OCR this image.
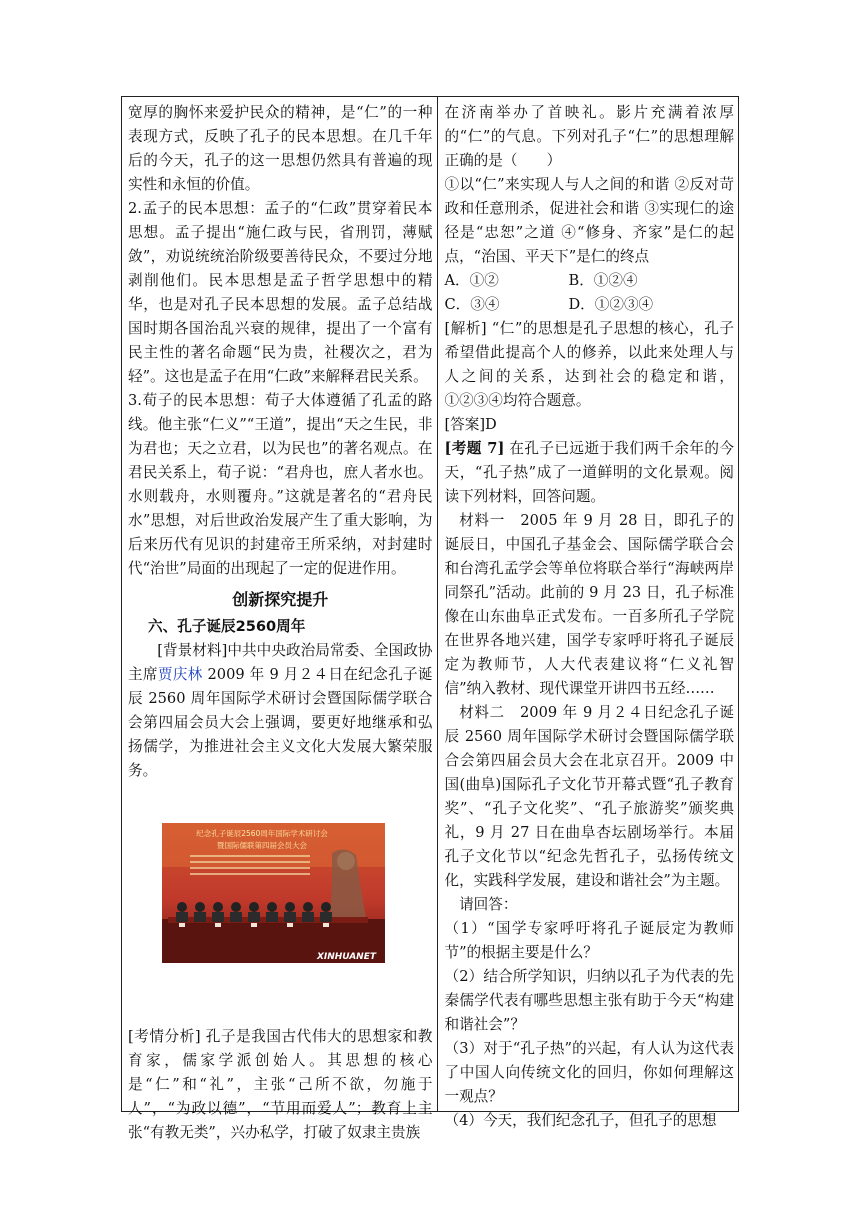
宽厚的胸怀来爱护民众的精神，是“仁”的一种表现方式，反映了孔子的民本思想。在几千年后的今天，孔子的这一思想仍然具有普遍的现实性和永恒的价值。

2.孟子的民本思想：孟子的“仁政”贯穿着民本思想。孟子提出“施仁政与民，省刑罚，薄赋敛”，劝说统统治阶级要善待民众，不要过分地剥削他们。民本思想是孟子哲学思想中的精华，也是对孔子民本思想的发展。孟子总结战国时期各国治乱兴衰的规律，提出了一个富有民主性的著名命题“民为贵，社稷次之，君为轻”。这也是孟子在用“仁政”来解释君民关系。

3.荀子的民本思想：荀子大体遵循了孔孟的路线。他主张“仁义”“王道”，提出“天之生民，非为君也；天之立君，以为民也”的著名观点。在君民关系上，荀子说：“君舟也，庶人者水也。水则载舟，水则覆舟。”这就是著名的“君舟民水”思想，对后世政治发展产生了重大影响，为后来历代有见识的封建帝王所采纳，对封建时代“治世”局面的出现起了一定的促进作用。

创新探究提升
六、孔子诞辰2560周年

[背景材料]中共中央政治局常委、全国政协主席贾庆林 2009 年 9 月２４日在纪念孔子诞辰 2560 周年国际学术研讨会暨国际儒学联合会第四届会员大会上强调，要更好地继承和弘扬儒学，为推进社会主义文化大发展大繁荣服务。

纪念孔子诞辰2560周年国际学术研讨会
暨国际儒联第四届会员大会
XINHUANET

[考情分析] 孔子是我国古代伟大的思想家和教育家，儒家学派创始人。其思想的核心是“仁”和“礼”，主张“己所不欲，勿施于人”，“为政以德”，“节用而爱人”；教育上主张“有教无类”，兴办私学，打破了奴隶主贵族

在济南举办了首映礼。影片充满着浓厚的“仁”的气息。下列对孔子“仁”的思想理解正确的是（　　）

①以“仁”来实现人与人之间的和谐 ②反对苛政和任意刑杀，促进社会和谐 ③实现仁的途径是“忠恕”之道 ④“修身、齐家”是仁的起点，“治国、平天下”是仁的终点

A．①②	B．①②④
C．③④	D．①②③④

[解析] “仁”的思想是孔子思想的核心，孔子希望借此提高个人的修养，以此来处理人与人之间的关系，达到社会的稳定和谐，①②③④均符合题意。

[答案]D

[考题 7] 在孔子已远逝于我们两千余年的今天，“孔子热”成了一道鲜明的文化景观。阅读下列材料，回答问题。

材料一　2005 年 9 月 28 日，即孔子的诞辰日，中国孔子基金会、国际儒学联合会和台湾孔孟学会等单位将联合举行“海峡两岸同祭孔”活动。此前的 9 月 23 日，孔子标准像在山东曲阜正式发布。一百多所孔子学院在世界各地兴建，国学专家呼吁将孔子诞辰定为教师节，人大代表建议将“仁义礼智信”纳入教材、现代课堂开讲四书五经……

材料二　2009 年 9 月２４日纪念孔子诞辰 2560 周年国际学术研讨会暨国际儒学联合会第四届会员大会在北京召开。2009 中国(曲阜)国际孔子文化节开幕式暨“孔子教育奖”、“孔子文化奖”、“孔子旅游奖”颁奖典礼，9 月 27 日在曲阜杏坛剧场举行。本届孔子文化节以“纪念先哲孔子，弘扬传统文化，实践科学发展，建设和谐社会”为主题。

请回答：

（1）“国学专家呼吁将孔子诞辰定为教师节”的根据主要是什么？

（2）结合所学知识，归纳以孔子为代表的先秦儒学代表有哪些思想主张有助于今天“构建和谐社会”？

（3）对于“孔子热”的兴起，有人认为这代表了中国人向传统文化的回归，你如何理解这一观点？

（4）今天，我们纪念孔子，但孔子的思想
